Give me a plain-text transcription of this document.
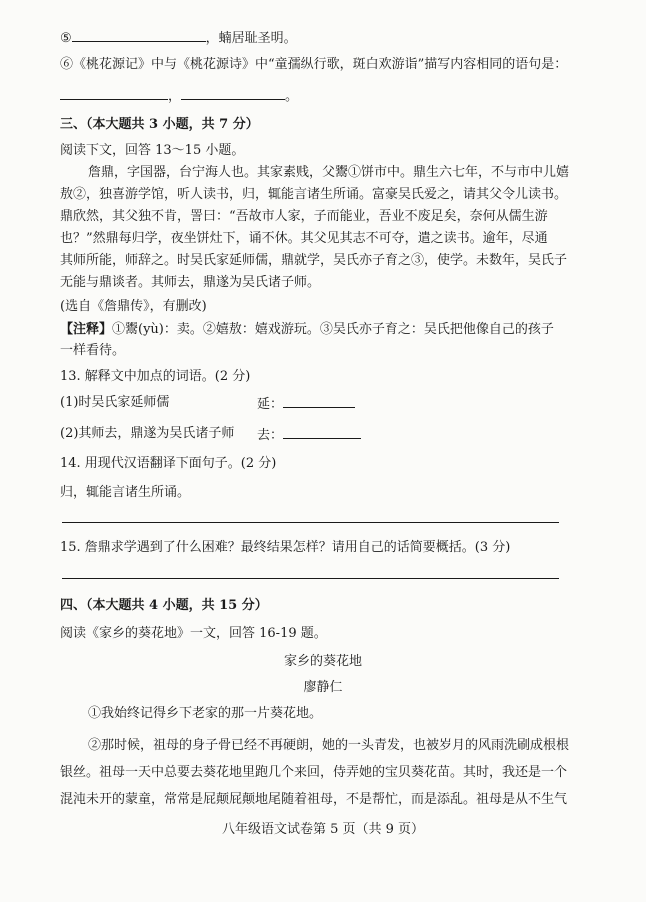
⑤	，蝻居耻圣明。
⑥《桃花源记》中与《桃花源诗》中“童孺纵行歌，斑白欢游诣”描写内容相同的语句是：
，	。
三、（本大题共 3 小题，共 7 分）
阅读下文，回答 13～15 小题。
詹鼎，字国器，台宁海人也。其家素贱，父鬻①饼市中。鼎生六七年，不与市中儿嬉
敖②，独喜游学馆，听人读书，归，辄能言诸生所诵。富豪吴氏爱之，请其父令儿读书。
鼎欣然，其父独不肯，詈曰：“吾故市人家，子而能业，吾业不废足矣，奈何从儒生游
也？”然鼎每归学，夜坐饼灶下，诵不休。其父见其志不可夺，遣之读书。逾年，尽通
其师所能，师辞之。时吴氏家延师儒，鼎就学，吴氏亦子育之③，使学。未数年，吴氏子
无能与鼎谈者。其师去，鼎遂为吴氏诸子师。
(选自《詹鼎传》，有删改)
【注释】①鬻(yù)：卖。②嬉敖：嬉戏游玩。③吴氏亦子育之：吴氏把他像自己的孩子
一样看待。
13. 解释文中加点的词语。(2 分)
(1)时吴氏家延师儒	延：
(2)其师去，鼎遂为吴氏诸子师 去：
14. 用现代汉语翻译下面句子。(2 分)
归，辄能言诸生所诵。
15. 詹鼎求学遇到了什么困难？最终结果怎样？请用自己的话简要概括。(3 分)
四、（本大题共 4 小题，共 15 分）
阅读《家乡的葵花地》一文，回答 16-19 题。
家乡的葵花地
廖静仁
①我始终记得乡下老家的那一片葵花地。
②那时候，祖母的身子骨已经不再硬朗，她的一头青发，也被岁月的风雨洗刷成根根
银丝。祖母一天中总要去葵花地里跑几个来回，侍弄她的宝贝葵花苗。其时，我还是一个
混沌未开的蒙童，常常是屁颠屁颠地尾随着祖母，不是帮忙，而是添乱。祖母是从不生气
八年级语文试卷第 5 页（共 9 页）
